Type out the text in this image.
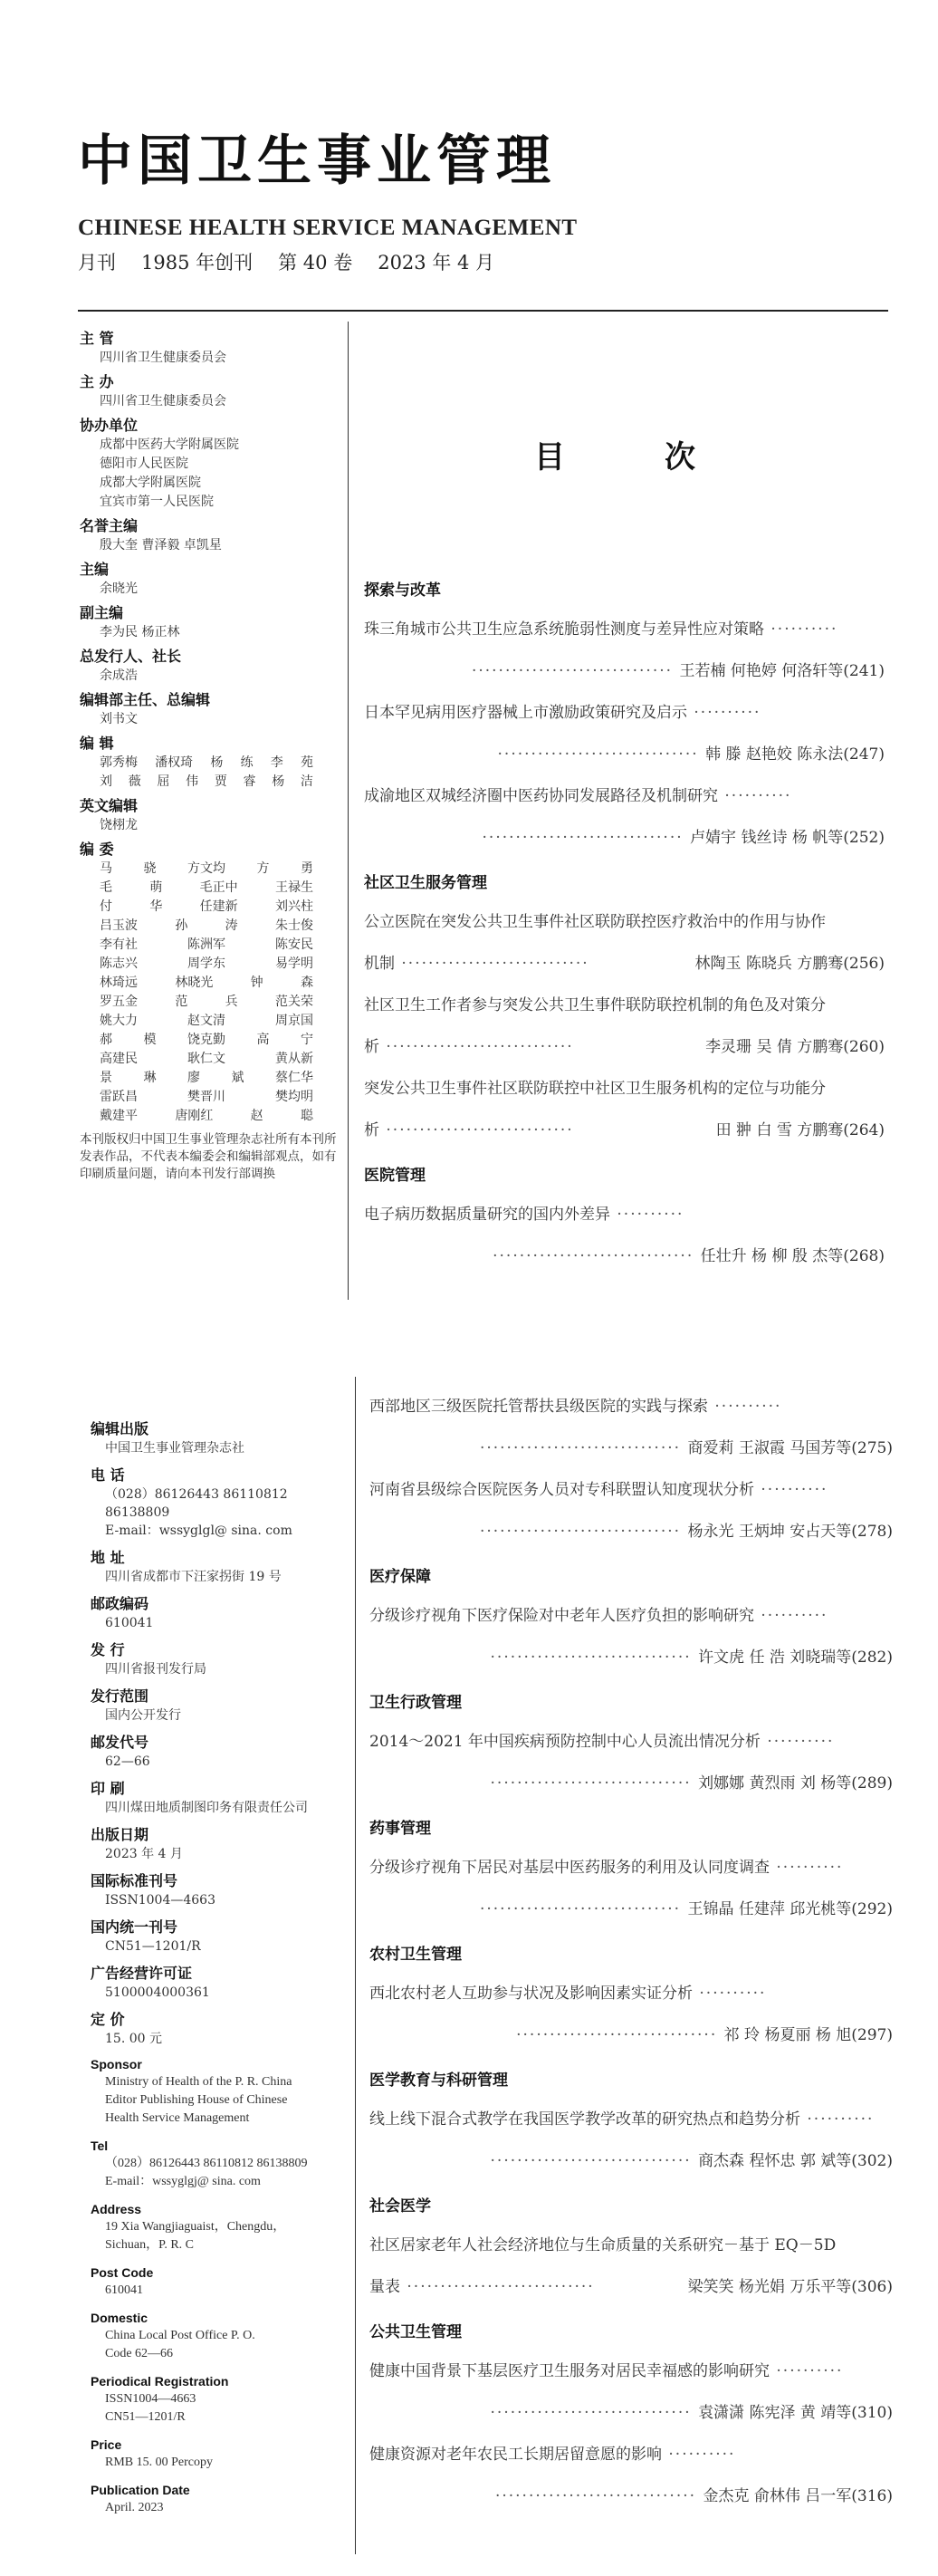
中国卫生事业管理
CHINESE HEALTH SERVICE MANAGEMENT
月刊 1985 年创刊 第 40 卷 2023 年 4 月
主 管
四川省卫生健康委员会
主 办
四川省卫生健康委员会
协办单位
成都中医药大学附属医院
德阳市人民医院
成都大学附属医院
宜宾市第一人民医院
名誉主编
殷大奎 曹泽毅 卓凯星
主编
余晓光
副主编
李为民 杨正林
总发行人、社长
余成浩
编辑部主任、总编辑
刘书文
编 辑
郭秀梅 潘权琦 杨 练 李 苑
刘 薇 屈 伟 贾 睿 杨 洁
英文编辑
饶栩龙
编 委
马 骁 方文均 方 勇
毛	萌	毛正中	王禄生
付	华	任建新	刘兴柱
吕玉波	孙	涛	朱士俊
李有社	陈洲军	陈安民
陈志兴	周学东	易学明
林琦远	林晓光	钟	森
罗五金	范	兵	范关荣
姚大力	赵文清	周京国
郝 模 饶克勤 高 宁
高建民	耿仁文	黄从新
景 琳 廖 斌 蔡仁华
雷跃昌	樊晋川	樊均明
戴建平	唐刚红	赵	聪
本刊版权归中国卫生事业管理杂志社所有本刊所发表作品，不代表本编委会和编辑部观点，如有印刷质量问题，请向本刊发行部调换
编辑出版
中国卫生事业管理杂志社
电 话
（028）86126443 86110812 86138809
E-mail：wssyglgl@ sina. com
地 址
四川省成都市下汪家拐街 19 号
邮政编码
610041
发 行
四川省报刊发行局
发行范围
国内公开发行
邮发代号
62—66
印 刷
四川煤田地质制图印务有限责任公司
出版日期
2023 年 4 月
国际标准刊号
ISSN1004—4663
国内统一刊号
CN51—1201/R
广告经营许可证
5100004000361
定 价
15. 00 元
Sponsor
Ministry of Health of the P. R. China
Editor Publishing House of Chinese
Health Service Management
Tel
（028）86126443 86110812 86138809
E-mail：wssyglgj@ sina. com
Address
19 Xia Wangjiaguaist，Chengdu，
Sichuan，P. R. C
Post Code
610041
Domestic
China Local Post Office P. O.
Code 62—66
Periodical Registration
ISSN1004—4663
CN51—1201/R
Price
RMB 15. 00 Percopy
Publication Date
April. 2023
目次
探索与改革
珠三角城市公共卫生应急系统脆弱性测度与差异性应对策略 ··········
······························ 王若楠 何艳婷 何洛轩等(241)
日本罕见病用医疗器械上市激励政策研究及启示 ··········
······························ 韩 滕 赵艳姣 陈永法(247)
成渝地区双城经济圈中医药协同发展路径及机制研究 ··········
······························ 卢婧宇 钱丝诗 杨 帆等(252)
社区卫生服务管理
公立医院在突发公共卫生事件社区联防联控医疗救治中的作用与协作
机制 ····························	林陶玉 陈晓兵 方鹏骞(256)
社区卫生工作者参与突发公共卫生事件联防联控机制的角色及对策分
析 ····························	李灵珊 吴 倩 方鹏骞(260)
突发公共卫生事件社区联防联控中社区卫生服务机构的定位与功能分
析 ····························	田 翀 白 雪 方鹏骞(264)
医院管理
电子病历数据质量研究的国内外差异 ··········
······························ 任壮升 杨 柳 殷 杰等(268)
西部地区三级医院托管帮扶县级医院的实践与探索 ··········
······························ 商爱莉 王淑霞 马国芳等(275)
河南省县级综合医院医务人员对专科联盟认知度现状分析 ··········
······························ 杨永光 王炳坤 安占天等(278)
医疗保障
分级诊疗视角下医疗保险对中老年人医疗负担的影响研究 ··········
······························ 许文虎 任 浩 刘晓瑞等(282)
卫生行政管理
2014～2021 年中国疾病预防控制中心人员流出情况分析 ··········
······························ 刘娜娜 黄烈雨 刘 杨等(289)
药事管理
分级诊疗视角下居民对基层中医药服务的利用及认同度调查 ··········
······························ 王锦晶 任建萍 邱光桃等(292)
农村卫生管理
西北农村老人互助参与状况及影响因素实证分析 ··········
······························ 祁 玲 杨夏丽 杨 旭(297)
医学教育与科研管理
线上线下混合式教学在我国医学教学改革的研究热点和趋势分析 ··········
······························ 商杰森 程怀忠 郭 斌等(302)
社会医学
社区居家老年人社会经济地位与生命质量的关系研究－基于 EQ－5D
量表 ····························	梁笑笑 杨光娟 万乐平等(306)
公共卫生管理
健康中国背景下基层医疗卫生服务对居民幸福感的影响研究 ··········
······························ 袁潇潇 陈宪泽 黄 靖等(310)
健康资源对老年农民工长期居留意愿的影响 ··········
······························ 金杰克 俞林伟 吕一军(316)
